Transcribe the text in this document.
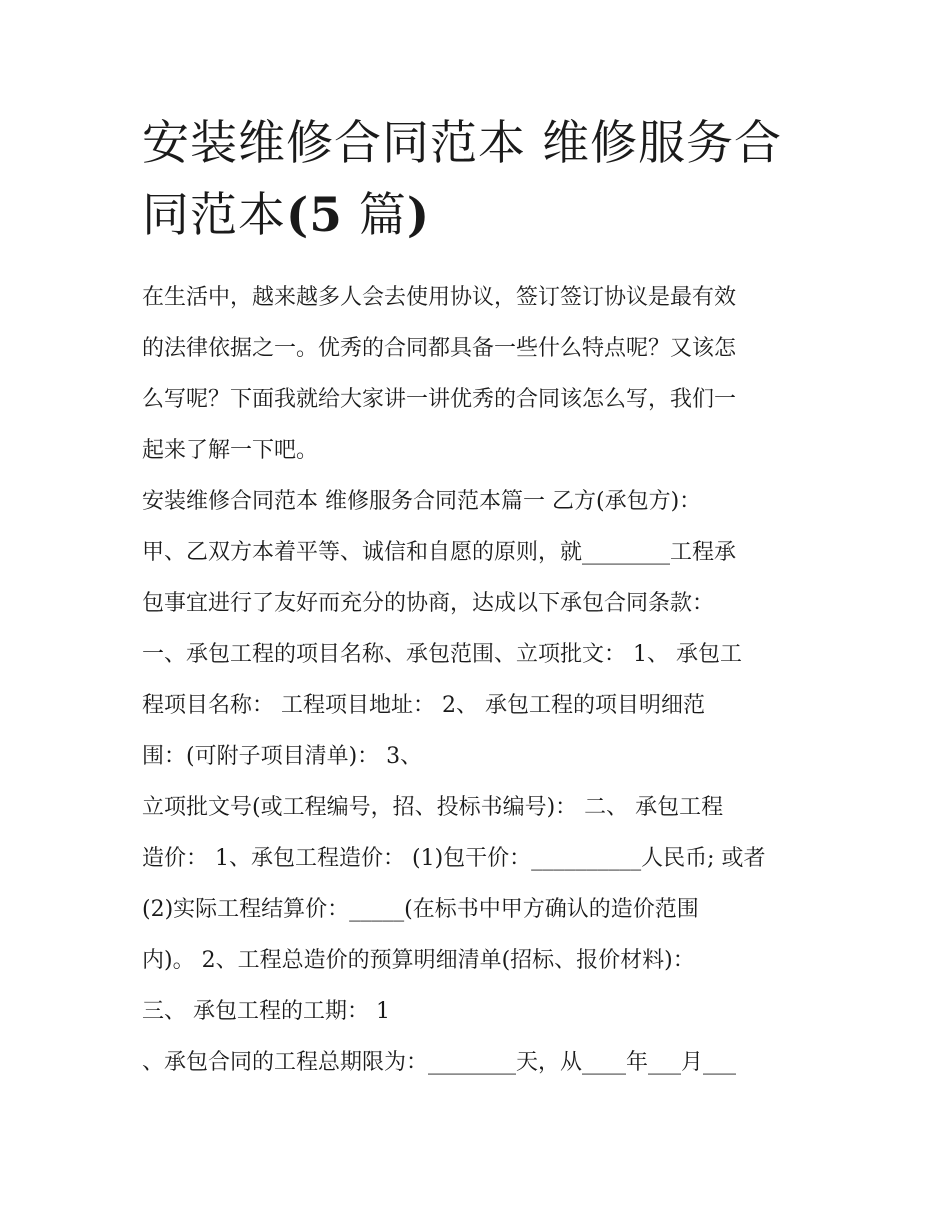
安装维修合同范本 维修服务合
同范本(5 篇)

在生活中，越来越多人会去使用协议，签订签订协议是最有效

的法律依据之一。优秀的合同都具备一些什么特点呢？又该怎

么写呢？下面我就给大家讲一讲优秀的合同该怎么写，我们一

起来了解一下吧。

安装维修合同范本 维修服务合同范本篇一 乙方(承包方)：

甲、乙双方本着平等、诚信和自愿的原则，就________工程承

包事宜进行了友好而充分的协商，达成以下承包合同条款：

一、承包工程的项目名称、承包范围、立项批文： 1、 承包工

程项目名称： 工程项目地址： 2、 承包工程的项目明细范

围：(可附子项目清单)： 3、

立项批文号(或工程编号，招、投标书编号)： 二、 承包工程

造价： 1、承包工程造价： (1)包干价：__________人民币; 或者

(2)实际工程结算价：_____(在标书中甲方确认的造价范围

内)。 2、工程总造价的预算明细清单(招标、报价材料)：

三、 承包工程的工期： 1

、承包合同的工程总期限为：________天，从____年___月___
